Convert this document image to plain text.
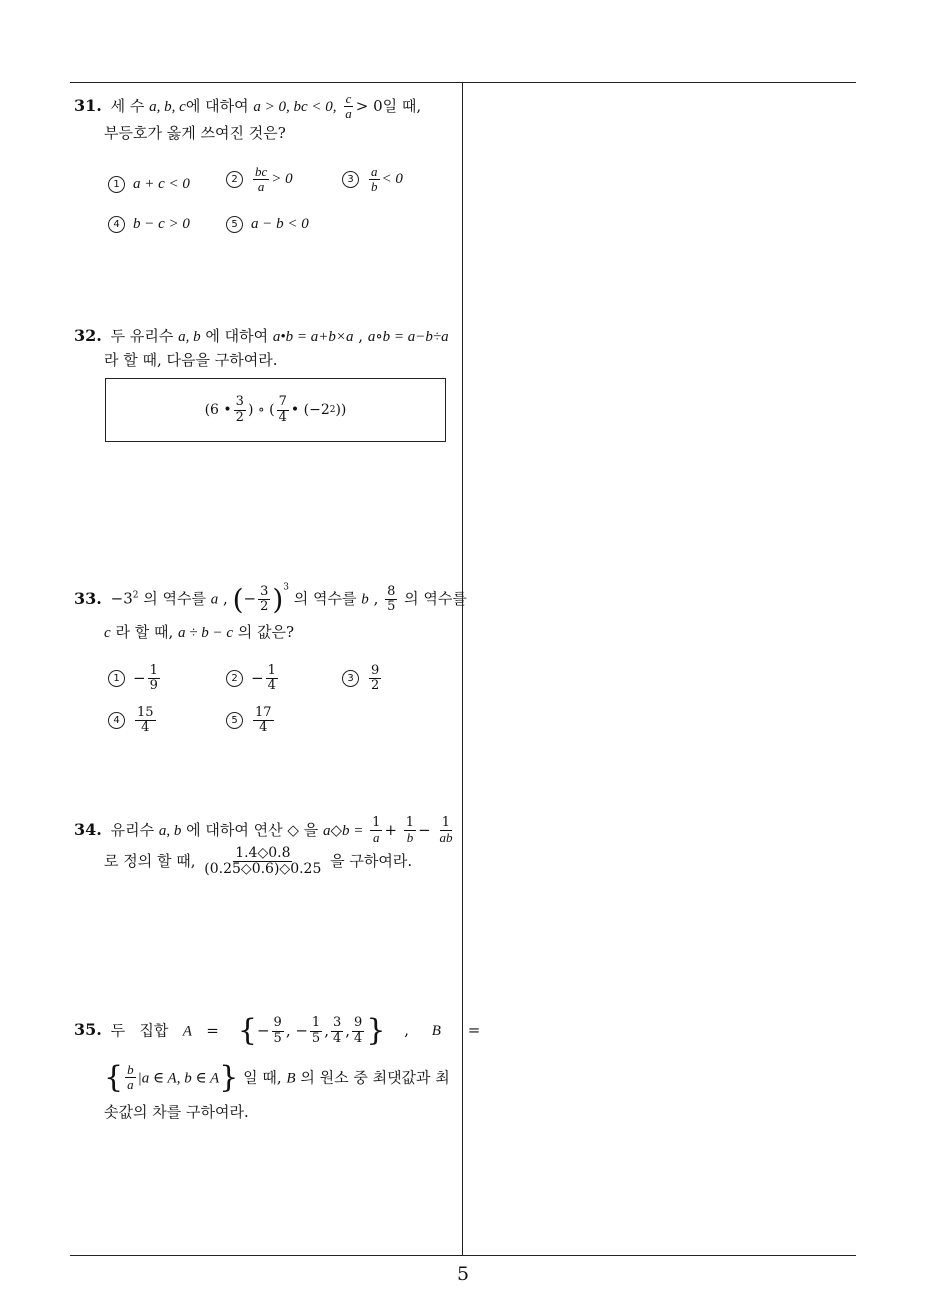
5
31. 세 수 a, b, c에 대하여 a > 0, bc < 0, $\frac{c}{a} > 0$일 때,
부등호가 옳게 쓰여진 것은?
1 a + c < 0	2	$\frac{bc}{a} > 0$	3	$\frac{a}{b} < 0$
4 b − c > 0	5 a − b < 0
32. 두 유리수 a, b 에 대하여 a•b = a+b×a , a∘b = a−b÷a
라 할 때, 다음을 구하여라.
(6 • $\frac{3}{2}$ ) ∘ ( $\frac{7}{4}$ • (−2 2 ))
33. $-3^2$ 의 역수를 a , (− $\frac{3}{2} )^3$ 의 역수를 b , $\frac{8}{5}$ 의 역수를
c 라 할 때, a ÷ b − c 의 값은?
$1 - \frac{1}{9}$	$2 - \frac{1}{4}$	3	$\frac{9}{2}$
4	$\frac{15}{4}$	5	$\frac{17}{4}$
34. 유리수 a, b 에 대하여 연산 ◇ 을 a◇b = $\frac{1}{a} + \frac{1}{b} - \frac{1}{ab}$
로 정의 할 때, $\frac{1.4◇0.8}{(0.25◇0.6)◇0.25}$ 을 구하여라.
35. 두   집합   A   =    {− $\frac{9}{5}$ , − $\frac{1}{5}$ , $\frac{3}{4}$ , $\frac{9}{4}$ } , B =
{ $\frac{b}{a} |a$ ∈ A, b ∈ A} 일 때, B 의 원소 중 최댓값과 최
솟값의 차를 구하여라.
